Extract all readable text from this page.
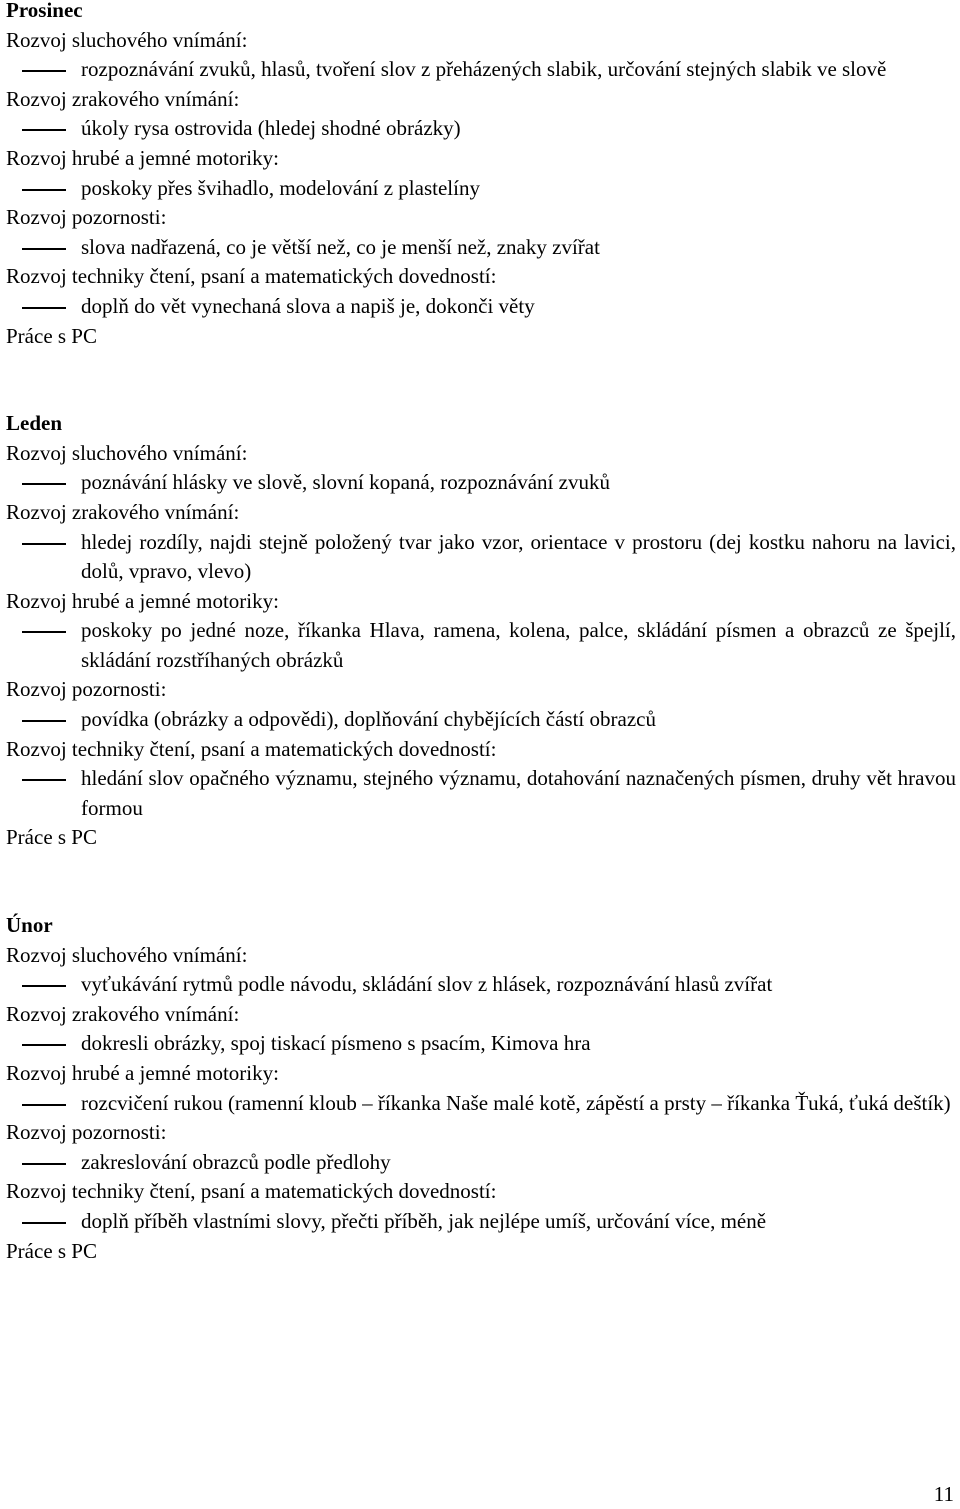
Prosinec
Rozvoj sluchového vnímání:
rozpoznávání zvuků, hlasů, tvoření slov z přeházených slabik, určování stejných slabik ve slově
Rozvoj zrakového vnímání:
úkoly rysa ostrovida (hledej shodné obrázky)
Rozvoj hrubé a jemné motoriky:
poskoky přes švihadlo, modelování z plastelíny
Rozvoj pozornosti:
slova nadřazená, co je větší než, co je menší než, znaky zvířat
Rozvoj techniky čtení, psaní a matematických dovedností:
doplň do vět vynechaná slova a napiš je, dokonči věty
Práce s PC
Leden
Rozvoj sluchového vnímání:
poznávání hlásky ve slově, slovní kopaná, rozpoznávání zvuků
Rozvoj zrakového vnímání:
hledej rozdíly, najdi stejně položený tvar jako vzor, orientace v prostoru (dej kostku nahoru na lavici, dolů, vpravo, vlevo)
Rozvoj hrubé a jemné motoriky:
poskoky po jedné noze, říkanka Hlava, ramena, kolena, palce, skládání písmen a obrazců ze špejlí, skládání rozstříhaných obrázků
Rozvoj pozornosti:
povídka (obrázky a odpovědi), doplňování chybějících částí obrazců
Rozvoj techniky čtení, psaní a matematických dovedností:
hledání slov opačného významu, stejného významu, dotahování naznačených písmen, druhy vět hravou formou
Práce s PC
Únor
Rozvoj sluchového vnímání:
vyťukávání rytmů podle návodu, skládání slov z hlásek, rozpoznávání hlasů zvířat
Rozvoj zrakového vnímání:
dokresli obrázky, spoj tiskací písmeno s psacím, Kimova hra
Rozvoj hrubé a jemné motoriky:
rozcvičení rukou (ramenní kloub – říkanka Naše malé kotě, zápěstí a prsty – říkanka Ťuká, ťuká deštík)
Rozvoj pozornosti:
zakreslování obrazců podle předlohy
Rozvoj techniky čtení, psaní a matematických dovedností:
doplň příběh vlastními slovy, přečti příběh, jak nejlépe umíš, určování více, méně
Práce s PC
11
